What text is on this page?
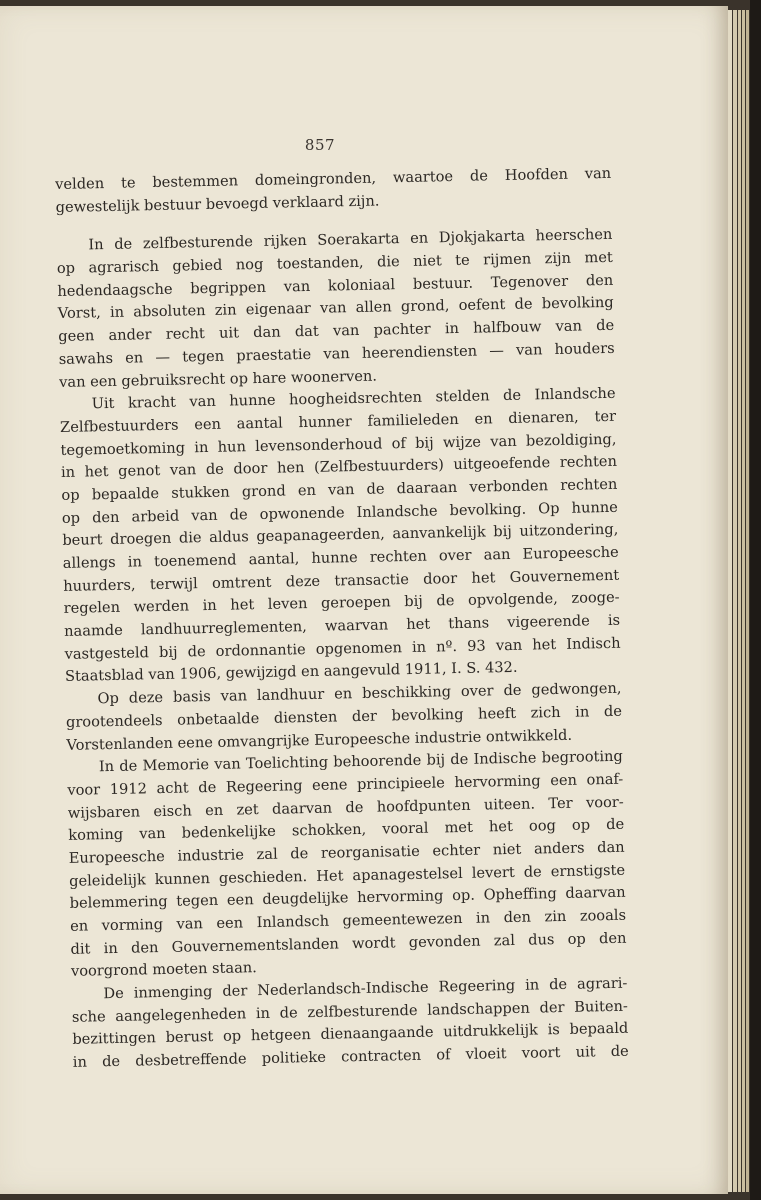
857
velden te bestemmen domeingronden, waartoe de Hoofden van
gewestelijk bestuur bevoegd verklaard zijn.
In de zelfbesturende rijken Soerakarta en Djokjakarta heerschen
op agrarisch gebied nog toestanden, die niet te rijmen zijn met
hedendaagsche begrippen van koloniaal bestuur. Tegenover den
Vorst, in absoluten zin eigenaar van allen grond, oefent de bevolking
geen ander recht uit dan dat van pachter in halfbouw van de
sawahs en — tegen praestatie van heerendiensten — van houders
van een gebruiksrecht op hare woonerven.
Uit kracht van hunne hoogheidsrechten stelden de Inlandsche
Zelfbestuurders een aantal hunner familieleden en dienaren, ter
tegemoetkoming in hun levensonderhoud of bij wijze van bezoldiging,
in het genot van de door hen (Zelfbestuurders) uitgeoefende rechten
op bepaalde stukken grond en van de daaraan verbonden rechten
op den arbeid van de opwonende Inlandsche bevolking. Op hunne
beurt droegen die aldus geapanageerden, aanvankelijk bij uitzondering,
allengs in toenemend aantal, hunne rechten over aan Europeesche
huurders, terwijl omtrent deze transactie door het Gouvernement
regelen werden in het leven geroepen bij de opvolgende, zooge-
naamde landhuurreglementen, waarvan het thans vigeerende is
vastgesteld bij de ordonnantie opgenomen in nº. 93 van het Indisch
Staatsblad van 1906, gewijzigd en aangevuld 1911, I. S. 432.
Op deze basis van landhuur en beschikking over de gedwongen,
grootendeels onbetaalde diensten der bevolking heeft zich in de
Vorstenlanden eene omvangrijke Europeesche industrie ontwikkeld.
In de Memorie van Toelichting behoorende bij de Indische begrooting
voor 1912 acht de Regeering eene principieele hervorming een onaf-
wijsbaren eisch en zet daarvan de hoofdpunten uiteen. Ter voor-
koming van bedenkelijke schokken, vooral met het oog op de
Europeesche industrie zal de reorganisatie echter niet anders dan
geleidelijk kunnen geschieden. Het apanagestelsel levert de ernstigste
belemmering tegen een deugdelijke hervorming op. Opheffing daarvan
en vorming van een Inlandsch gemeentewezen in den zin zooals
dit in den Gouvernementslanden wordt gevonden zal dus op den
voorgrond moeten staan.
De inmenging der Nederlandsch-Indische Regeering in de agrari-
sche aangelegenheden in de zelfbesturende landschappen der Buiten-
bezittingen berust op hetgeen dienaangaande uitdrukkelijk is bepaald
in de desbetreffende politieke contracten of vloeit voort uit de
